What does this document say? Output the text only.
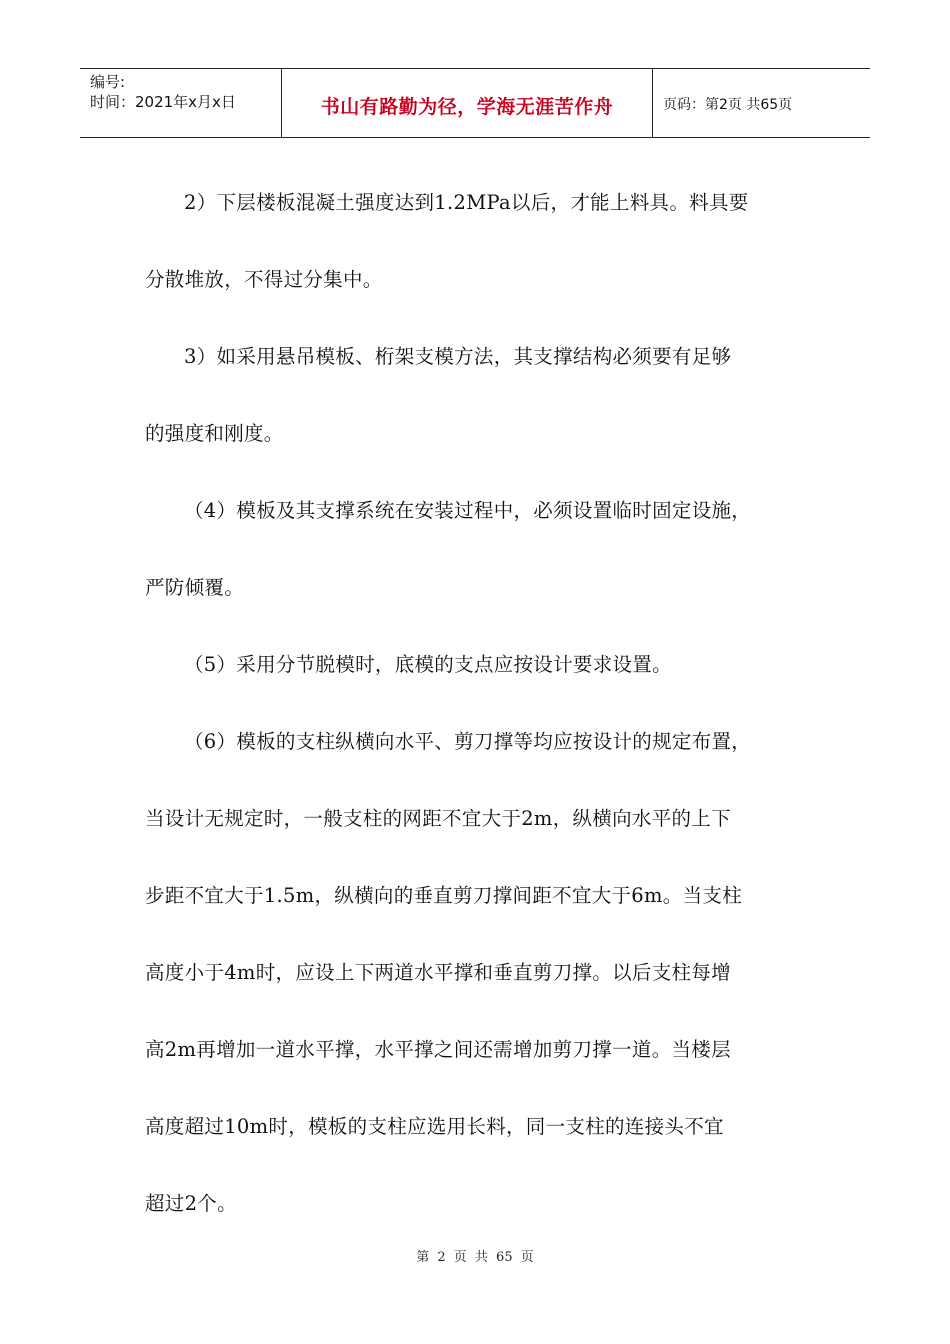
编号:
时间：2021年x月x日	书山有路勤为径，学海无涯苦作舟	页码：第2页 共65页

2）下层楼板混凝土强度达到1.2MPa以后，才能上料具。料具要

分散堆放，不得过分集中。

3）如采用悬吊模板、桁架支模方法，其支撑结构必须要有足够

的强度和刚度。

（4）模板及其支撑系统在安装过程中，必须设置临时固定设施，

严防倾覆。

（5）采用分节脱模时，底模的支点应按设计要求设置。

（6）模板的支柱纵横向水平、剪刀撑等均应按设计的规定布置，

当设计无规定时，一般支柱的网距不宜大于2m，纵横向水平的上下

步距不宜大于1.5m，纵横向的垂直剪刀撑间距不宜大于6m。当支柱

高度小于4m时，应设上下两道水平撑和垂直剪刀撑。以后支柱每增

高2m再增加一道水平撑，水平撑之间还需增加剪刀撑一道。当楼层

高度超过10m时，模板的支柱应选用长料，同一支柱的连接头不宜

超过2个。

第 2 页 共 65 页
